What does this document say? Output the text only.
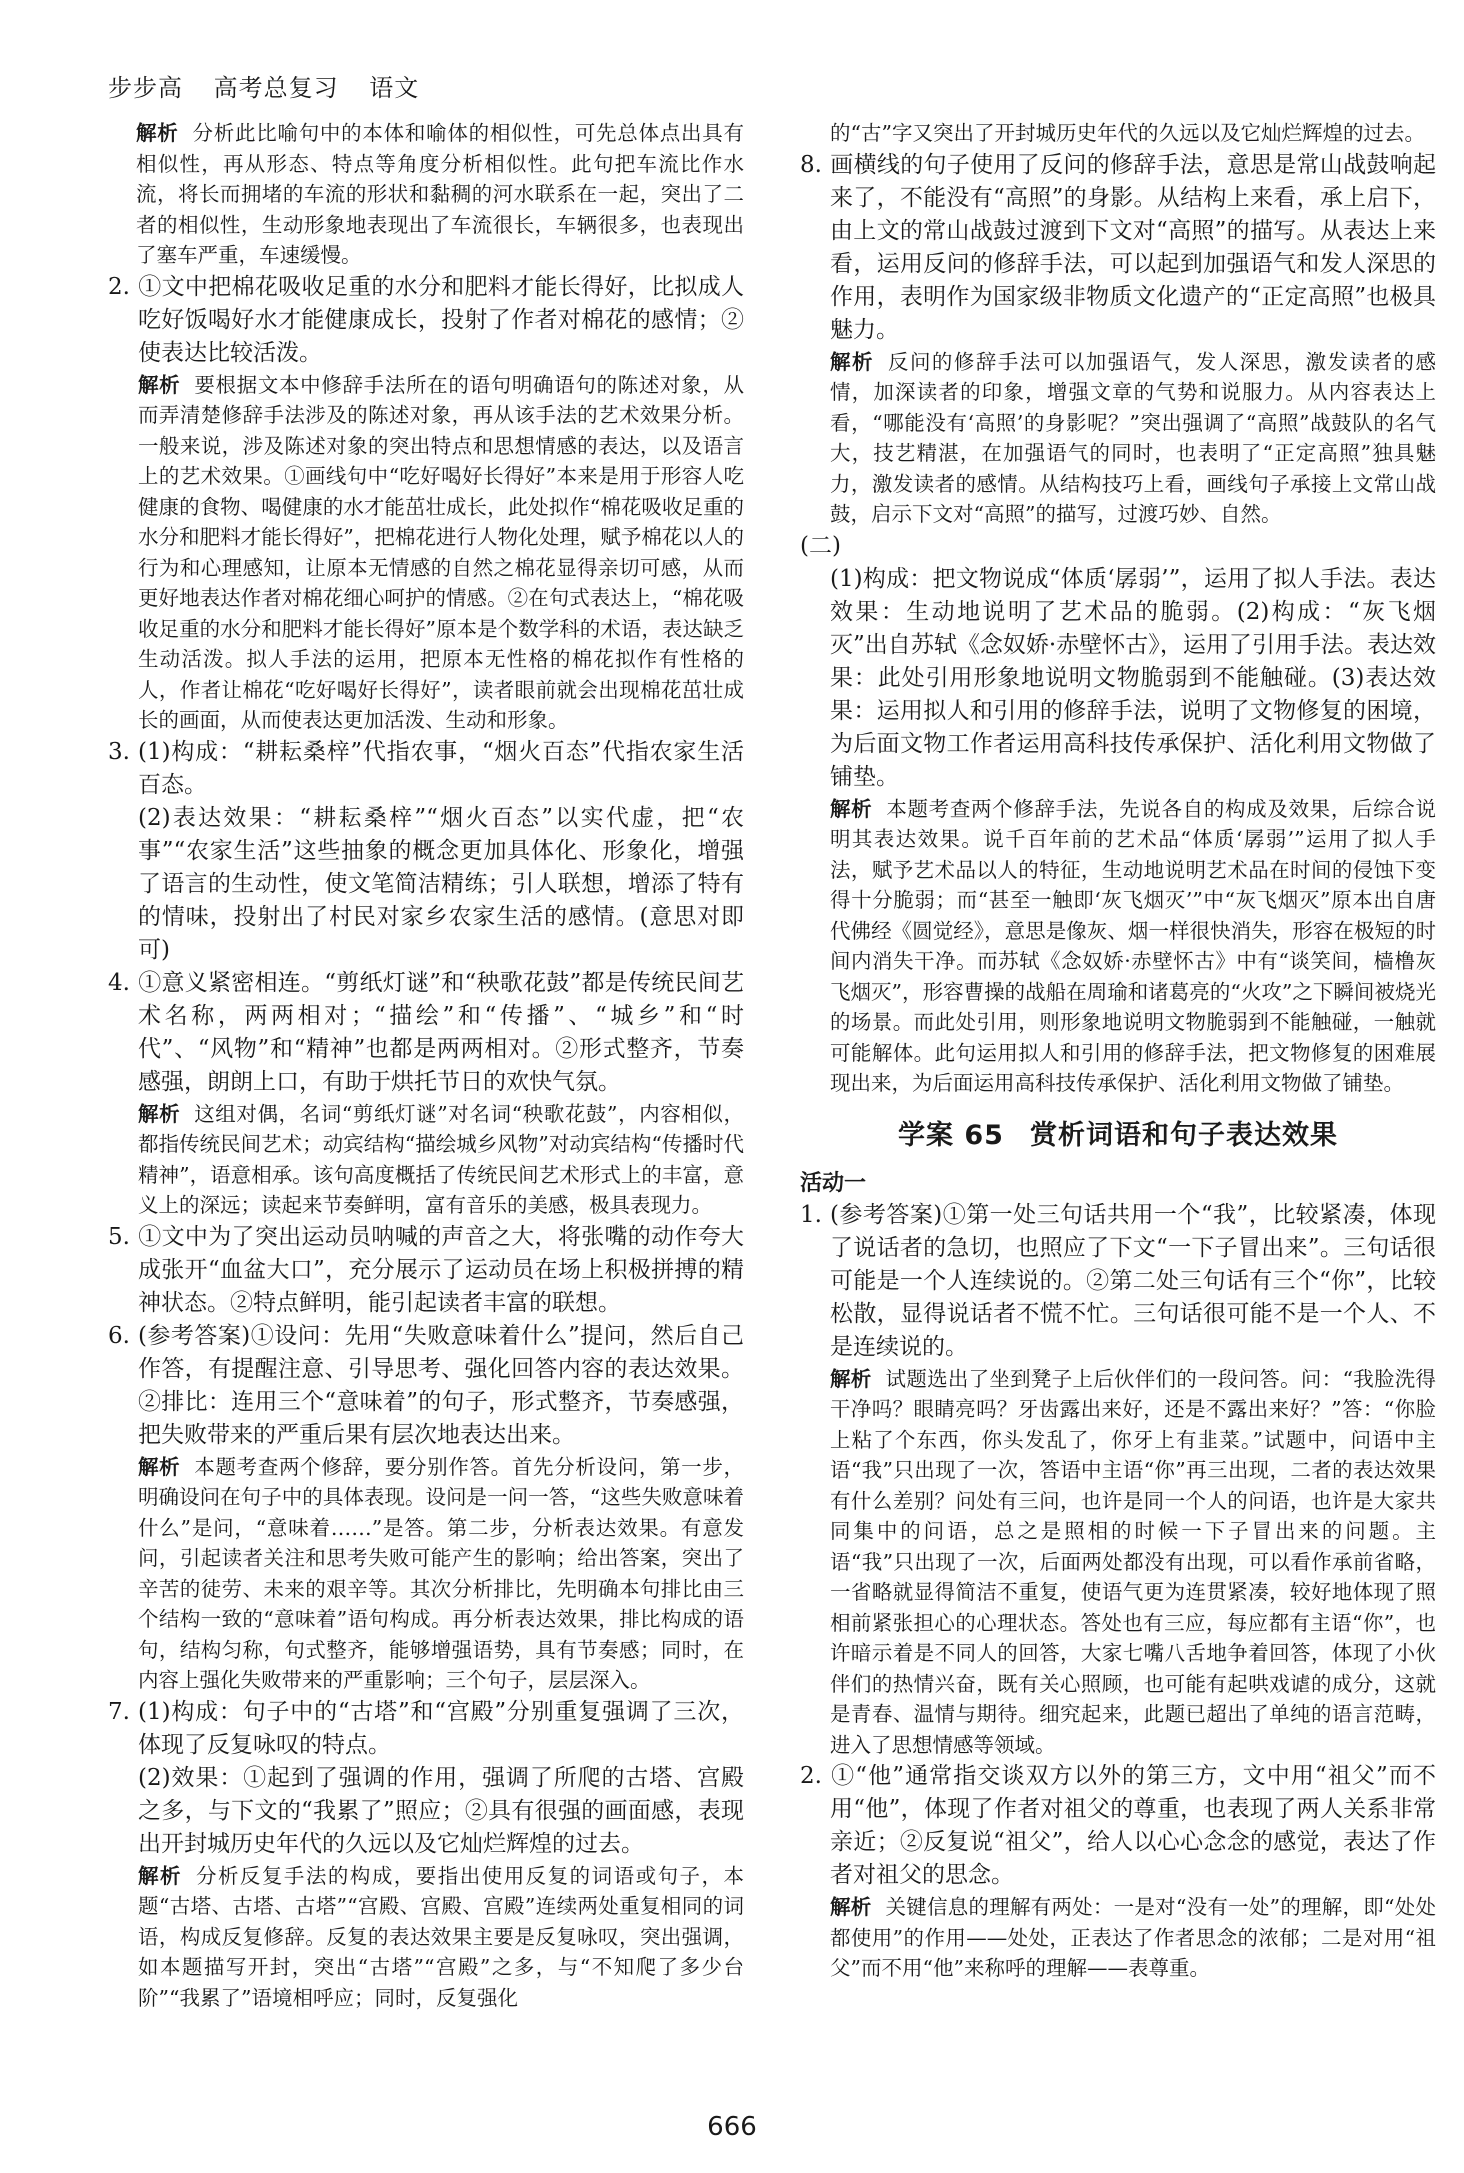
步步高 高考总复习 语文
解析 分析此比喻句中的本体和喻体的相似性，可先总体点出具有相似性，再从形态、特点等角度分析相似性。此句把车流比作水流，将长而拥堵的车流的形状和黏稠的河水联系在一起，突出了二者的相似性，生动形象地表现出了车流很长，车辆很多，也表现出了塞车严重，车速缓慢。
2. ①文中把棉花吸收足重的水分和肥料才能长得好，比拟成人吃好饭喝好水才能健康成长，投射了作者对棉花的感情；②使表达比较活泼。
解析 要根据文本中修辞手法所在的语句明确语句的陈述对象，从而弄清楚修辞手法涉及的陈述对象，再从该手法的艺术效果分析。一般来说，涉及陈述对象的突出特点和思想情感的表达，以及语言上的艺术效果。①画线句中“吃好喝好长得好”本来是用于形容人吃健康的食物、喝健康的水才能茁壮成长，此处拟作“棉花吸收足重的水分和肥料才能长得好”，把棉花进行人物化处理，赋予棉花以人的行为和心理感知，让原本无情感的自然之棉花显得亲切可感，从而更好地表达作者对棉花细心呵护的情感。②在句式表达上，“棉花吸收足重的水分和肥料才能长得好”原本是个数学科的术语，表达缺乏生动活泼。拟人手法的运用，把原本无性格的棉花拟作有性格的人，作者让棉花“吃好喝好长得好”，读者眼前就会出现棉花茁壮成长的画面，从而使表达更加活泼、生动和形象。
3. (1)构成：“耕耘桑梓”代指农事，“烟火百态”代指农家生活百态。
(2)表达效果：“耕耘桑梓”“烟火百态”以实代虚，把“农事”“农家生活”这些抽象的概念更加具体化、形象化，增强了语言的生动性，使文笔简洁精练；引人联想，增添了特有的情味，投射出了村民对家乡农家生活的感情。(意思对即可)
4. ①意义紧密相连。“剪纸灯谜”和“秧歌花鼓”都是传统民间艺术名称，两两相对；“描绘”和“传播”、“城乡”和“时代”、“风物”和“精神”也都是两两相对。②形式整齐，节奏感强，朗朗上口，有助于烘托节日的欢快气氛。
解析 这组对偶，名词“剪纸灯谜”对名词“秧歌花鼓”，内容相似，都指传统民间艺术；动宾结构“描绘城乡风物”对动宾结构“传播时代精神”，语意相承。该句高度概括了传统民间艺术形式上的丰富，意义上的深远；读起来节奏鲜明，富有音乐的美感，极具表现力。
5. ①文中为了突出运动员呐喊的声音之大，将张嘴的动作夸大成张开“血盆大口”，充分展示了运动员在场上积极拼搏的精神状态。②特点鲜明，能引起读者丰富的联想。
6. (参考答案)①设问：先用“失败意味着什么”提问，然后自己作答，有提醒注意、引导思考、强化回答内容的表达效果。②排比：连用三个“意味着”的句子，形式整齐，节奏感强，把失败带来的严重后果有层次地表达出来。
解析 本题考查两个修辞，要分别作答。首先分析设问，第一步，明确设问在句子中的具体表现。设问是一问一答，“这些失败意味着什么”是问，“意味着……”是答。第二步，分析表达效果。有意发问，引起读者关注和思考失败可能产生的影响；给出答案，突出了辛苦的徒劳、未来的艰辛等。其次分析排比，先明确本句排比由三个结构一致的“意味着”语句构成。再分析表达效果，排比构成的语句，结构匀称，句式整齐，能够增强语势，具有节奏感；同时，在内容上强化失败带来的严重影响；三个句子，层层深入。
7. (1)构成：句子中的“古塔”和“宫殿”分别重复强调了三次，体现了反复咏叹的特点。
(2)效果：①起到了强调的作用，强调了所爬的古塔、宫殿之多，与下文的“我累了”照应；②具有很强的画面感，表现出开封城历史年代的久远以及它灿烂辉煌的过去。
解析 分析反复手法的构成，要指出使用反复的词语或句子，本题“古塔、古塔、古塔”“宫殿、宫殿、宫殿”连续两处重复相同的词语，构成反复修辞。反复的表达效果主要是反复咏叹，突出强调，如本题描写开封，突出“古塔”“宫殿”之多，与“不知爬了多少台阶”“我累了”语境相呼应；同时，反复强化
的“古”字又突出了开封城历史年代的久远以及它灿烂辉煌的过去。
8. 画横线的句子使用了反问的修辞手法，意思是常山战鼓响起来了，不能没有“高照”的身影。从结构上来看，承上启下，由上文的常山战鼓过渡到下文对“高照”的描写。从表达上来看，运用反问的修辞手法，可以起到加强语气和发人深思的作用，表明作为国家级非物质文化遗产的“正定高照”也极具魅力。
解析 反问的修辞手法可以加强语气，发人深思，激发读者的感情，加深读者的印象，增强文章的气势和说服力。从内容表达上看，“哪能没有‘高照’的身影呢？”突出强调了“高照”战鼓队的名气大，技艺精湛，在加强语气的同时，也表明了“正定高照”独具魅力，激发读者的感情。从结构技巧上看，画线句子承接上文常山战鼓，启示下文对“高照”的描写，过渡巧妙、自然。
(二)
(1)构成：把文物说成“体质‘孱弱’”，运用了拟人手法。表达效果：生动地说明了艺术品的脆弱。(2)构成：“灰飞烟灭”出自苏轼《念奴娇·赤壁怀古》，运用了引用手法。表达效果：此处引用形象地说明文物脆弱到不能触碰。(3)表达效果：运用拟人和引用的修辞手法，说明了文物修复的困境，为后面文物工作者运用高科技传承保护、活化利用文物做了铺垫。
解析 本题考查两个修辞手法，先说各自的构成及效果，后综合说明其表达效果。说千百年前的艺术品“体质‘孱弱’”运用了拟人手法，赋予艺术品以人的特征，生动地说明艺术品在时间的侵蚀下变得十分脆弱；而“甚至一触即‘灰飞烟灭’”中“灰飞烟灭”原本出自唐代佛经《圆觉经》，意思是像灰、烟一样很快消失，形容在极短的时间内消失干净。而苏轼《念奴娇·赤壁怀古》中有“谈笑间，樯橹灰飞烟灭”，形容曹操的战船在周瑜和诸葛亮的“火攻”之下瞬间被烧光的场景。而此处引用，则形象地说明文物脆弱到不能触碰，一触就可能解体。此句运用拟人和引用的修辞手法，把文物修复的困难展现出来，为后面运用高科技传承保护、活化利用文物做了铺垫。
学案 65 赏析词语和句子表达效果
活动一
1. (参考答案)①第一处三句话共用一个“我”，比较紧凑，体现了说话者的急切，也照应了下文“一下子冒出来”。三句话很可能是一个人连续说的。②第二处三句话有三个“你”，比较松散，显得说话者不慌不忙。三句话很可能不是一个人、不是连续说的。
解析 试题选出了坐到凳子上后伙伴们的一段问答。问：“我脸洗得干净吗？眼睛亮吗？牙齿露出来好，还是不露出来好？”答：“你脸上粘了个东西，你头发乱了，你牙上有韭菜。”试题中，问语中主语“我”只出现了一次，答语中主语“你”再三出现，二者的表达效果有什么差别？问处有三问，也许是同一个人的问语，也许是大家共同集中的问语，总之是照相的时候一下子冒出来的问题。主语“我”只出现了一次，后面两处都没有出现，可以看作承前省略，一省略就显得简洁不重复，使语气更为连贯紧凑，较好地体现了照相前紧张担心的心理状态。答处也有三应，每应都有主语“你”，也许暗示着是不同人的回答，大家七嘴八舌地争着回答，体现了小伙伴们的热情兴奋，既有关心照顾，也可能有起哄戏谑的成分，这就是青春、温情与期待。细究起来，此题已超出了单纯的语言范畴，进入了思想情感等领域。
2. ①“他”通常指交谈双方以外的第三方，文中用“祖父”而不用“他”，体现了作者对祖父的尊重，也表现了两人关系非常亲近；②反复说“祖父”，给人以心心念念的感觉，表达了作者对祖父的思念。
解析 关键信息的理解有两处：一是对“没有一处”的理解，即“处处都使用”的作用——处处，正表达了作者思念的浓郁；二是对用“祖父”而不用“他”来称呼的理解——表尊重。
666
